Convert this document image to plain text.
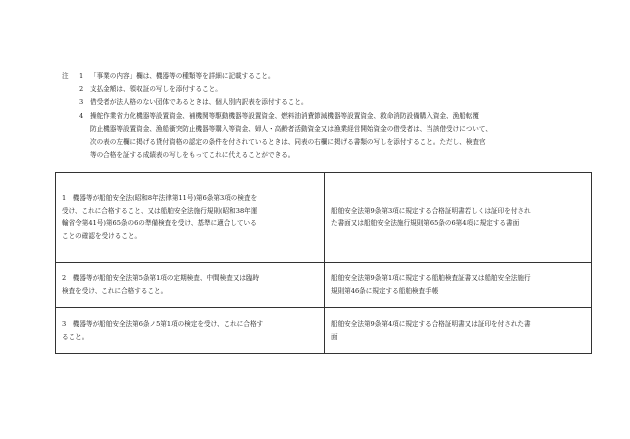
注	1	「事業の内容」欄は、機器等の種類等を詳細に記載すること。
2	支払金額は、領収証の写しを添付すること。
3	借受者が法人格のない団体であるときは、個人別内訳表を添付すること。
4	操舵作業省力化機器等設置資金、補機関等駆動機器等設置資金、燃料油消費節減機器等設置資金、救命消防設備購入資金、漁船転覆
防止機器等設置資金、漁船衝突防止機器等購入等資金、婦人・高齢者活動資金又は漁業経営開始資金の借受者は、当該借受けについて、
次の表の左欄に掲げる貸付資格の認定の条件を付されているときは、同表の右欄に掲げる書類の写しを添付すること。ただし、検査官
等の合格を証する成績表の写しをもってこれに代えることができる。
1　機器等が船舶安全法(昭和8年法律第11号)第6条第3項の検査を
受け、これに合格すること、又は船舶安全法施行規則(昭和38年運
輸省令第41号)第65条の6の準備検査を受け、基準に適合している
ことの確認を受けること。	船舶安全法第9条第3項に規定する合格証明書若しくは証印を付され
た書面又は船舶安全法施行規則第65条の6第4項に規定する書面

2　機器等が船舶安全法第5条第1項の定期検査、中間検査又は臨時
検査を受け、これに合格すること。	船舶安全法第9条第1項に規定する船舶検査証書又は船舶安全法施行
規則第46条に規定する船舶検査手帳

3　機器等が船舶安全法第6条ノ5第1項の検定を受け、これに合格す
ること。	船舶安全法第9条第4項に規定する合格証明書又は証印を付された書
面
